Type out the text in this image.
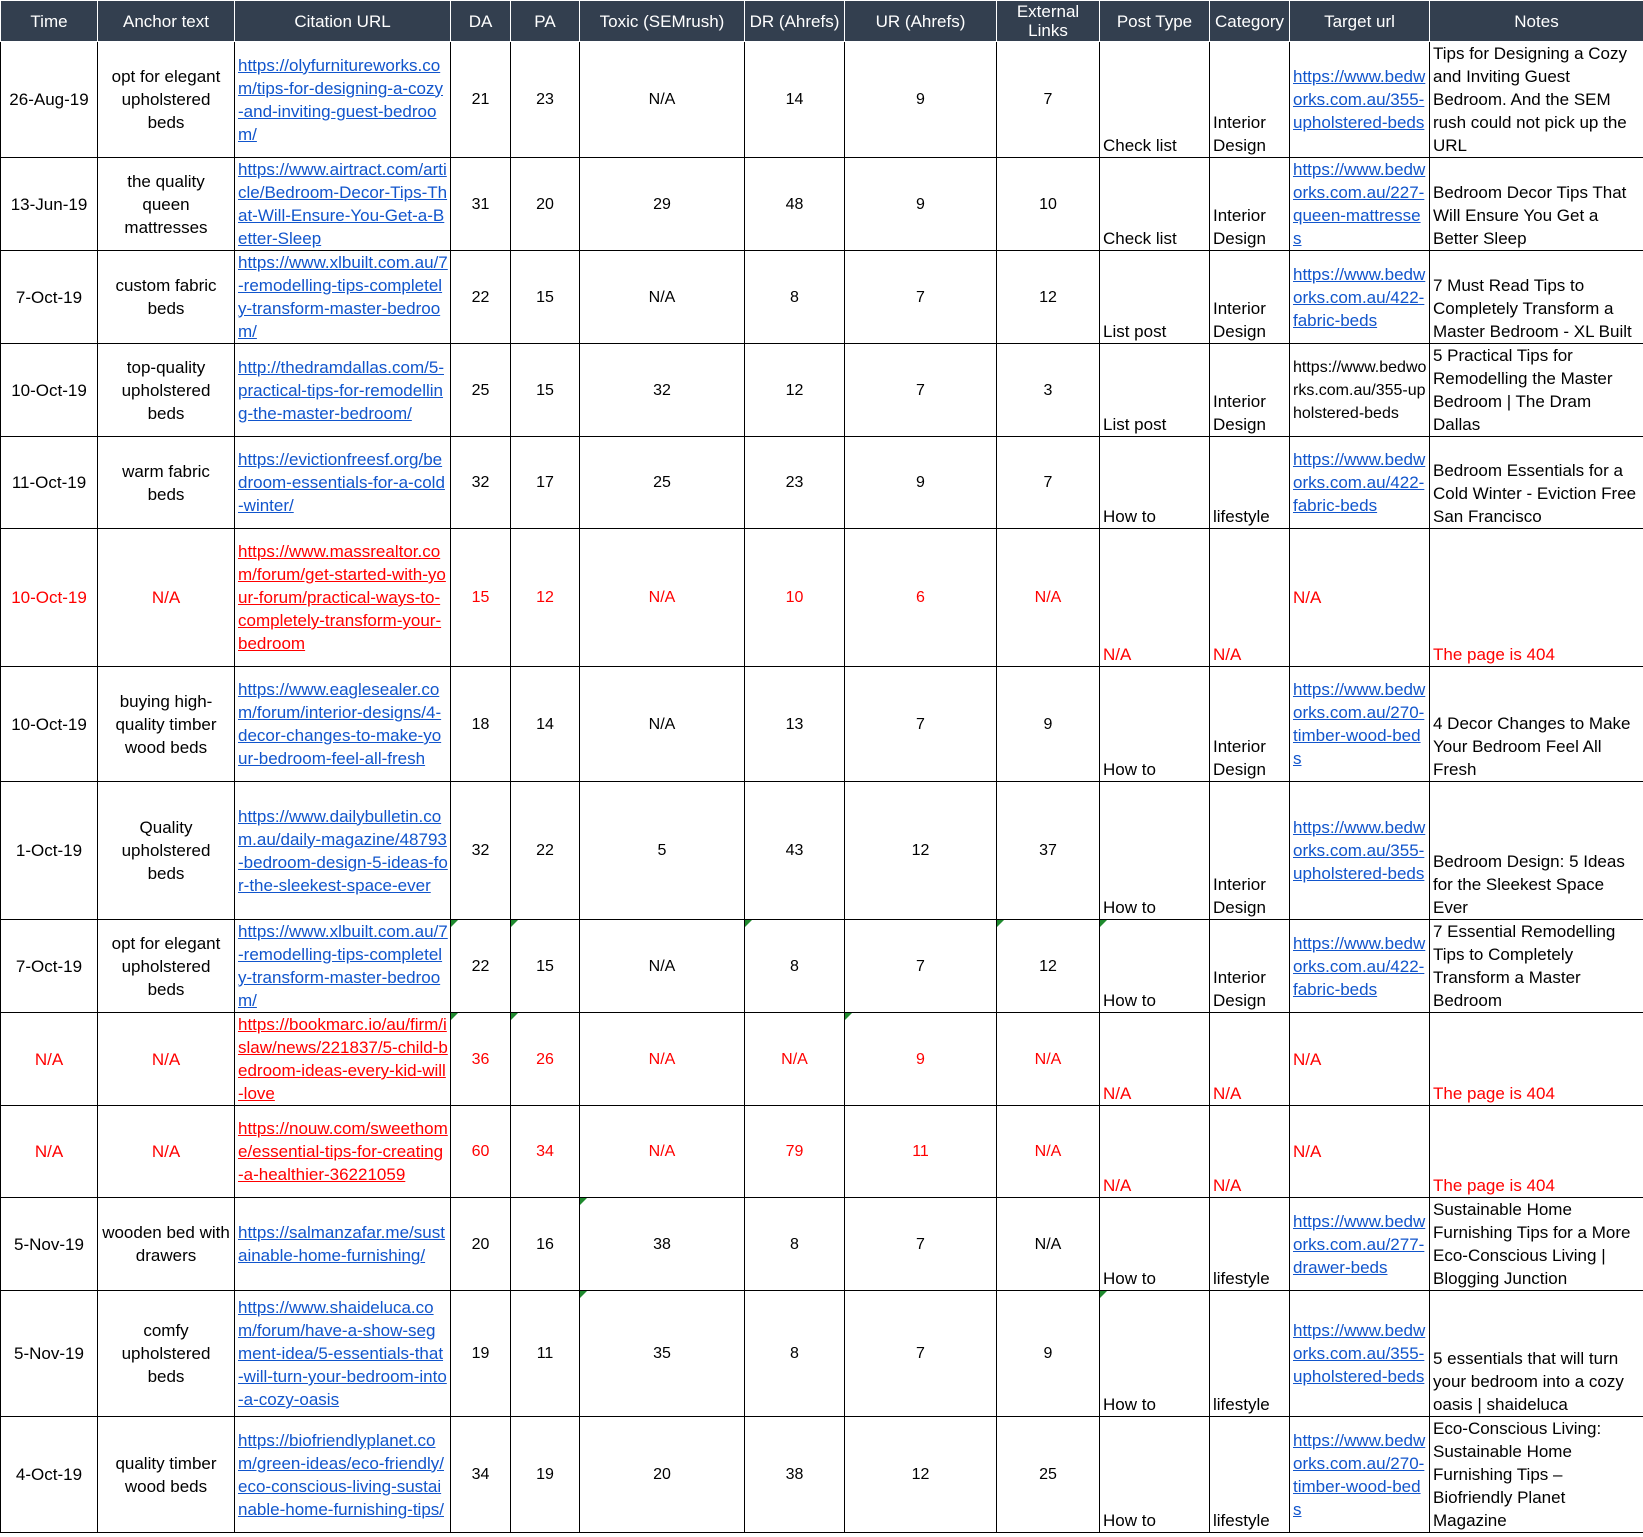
Time	Anchor text	Citation URL	DA	PA	Toxic (SEMrush)	DR (Ahrefs)	UR (Ahrefs)	External Links	Post Type	Category	Target url	Notes
26-Aug-19	opt for elegant upholstered beds	https://olyfurnitureworks.com/tips-for-designing-a-cozy-and-inviting-guest-bedroom/	21	23	N/A	14	9	7	Check list	Interior Design	https://www.bedworks.com.au/355-upholstered-beds	Tips for Designing a Cozy and Inviting Guest Bedroom. And the SEM rush could not pick up the URL
13-Jun-19	the quality queen mattresses	https://www.airtract.com/article/Bedroom-Decor-Tips-That-Will-Ensure-You-Get-a-Better-Sleep	31	20	29	48	9	10	Check list	Interior Design	https://www.bedworks.com.au/227-queen-mattresses	Bedroom Decor Tips That Will Ensure You Get a Better Sleep
7-Oct-19	custom fabric beds	https://www.xlbuilt.com.au/7-remodelling-tips-completely-transform-master-bedroom/	22	15	N/A	8	7	12	List post	Interior Design	https://www.bedworks.com.au/422-fabric-beds	7 Must Read Tips to Completely Transform a Master Bedroom - XL Built
10-Oct-19	top-quality upholstered beds	http://thedramdallas.com/5-practical-tips-for-remodelling-the-master-bedroom/	25	15	32	12	7	3	List post	Interior Design	https://www.bedworks.com.au/355-upholstered-beds	5 Practical Tips for Remodelling the Master Bedroom | The Dram Dallas
11-Oct-19	warm fabric beds	https://evictionfreesf.org/bedroom-essentials-for-a-cold-winter/	32	17	25	23	9	7	How to	lifestyle	https://www.bedworks.com.au/422-fabric-beds	Bedroom Essentials for a Cold Winter - Eviction Free San Francisco
10-Oct-19	N/A	https://www.massrealtor.com/forum/get-started-with-your-forum/practical-ways-to-completely-transform-your-bedroom	15	12	N/A	10	6	N/A	N/A	N/A	N/A	The page is 404
10-Oct-19	buying high-quality timber wood beds	https://www.eaglesealer.com/forum/interior-designs/4-decor-changes-to-make-your-bedroom-feel-all-fresh	18	14	N/A	13	7	9	How to	Interior Design	https://www.bedworks.com.au/270-timber-wood-beds	4 Decor Changes to Make Your Bedroom Feel All Fresh
1-Oct-19	Quality upholstered beds	https://www.dailybulletin.com.au/daily-magazine/48793-bedroom-design-5-ideas-for-the-sleekest-space-ever	32	22	5	43	12	37	How to	Interior Design	https://www.bedworks.com.au/355-upholstered-beds	Bedroom Design: 5 Ideas for the Sleekest Space Ever
7-Oct-19	opt for elegant upholstered beds	https://www.xlbuilt.com.au/7-remodelling-tips-completely-transform-master-bedroom/	22	15	N/A	8	7	12	How to	Interior Design	https://www.bedworks.com.au/422-fabric-beds	7 Essential Remodelling Tips to Completely Transform a Master Bedroom
N/A	N/A	https://bookmarc.io/au/firm/islaw/news/221837/5-child-bedroom-ideas-every-kid-will-love	36	26	N/A	N/A	9	N/A	N/A	N/A	N/A	The page is 404
N/A	N/A	https://nouw.com/sweethome/essential-tips-for-creating-a-healthier-36221059	60	34	N/A	79	11	N/A	N/A	N/A	N/A	The page is 404
5-Nov-19	wooden bed with drawers	https://salmanzafar.me/sustainable-home-furnishing/	20	16	38	8	7	N/A	How to	lifestyle	https://www.bedworks.com.au/277-drawer-beds	Sustainable Home Furnishing Tips for a More Eco-Conscious Living | Blogging Junction
5-Nov-19	comfy upholstered beds	https://www.shaideluca.com/forum/have-a-show-segment-idea/5-essentials-that-will-turn-your-bedroom-into-a-cozy-oasis	19	11	35	8	7	9	How to	lifestyle	https://www.bedworks.com.au/355-upholstered-beds	5 essentials that will turn your bedroom into a cozy oasis | shaideluca
4-Oct-19	quality timber wood beds	https://biofriendlyplanet.com/green-ideas/eco-friendly/eco-conscious-living-sustainable-home-furnishing-tips/	34	19	20	38	12	25	How to	lifestyle	https://www.bedworks.com.au/270-timber-wood-beds	Eco-Conscious Living: Sustainable Home Furnishing Tips – Biofriendly Planet Magazine
